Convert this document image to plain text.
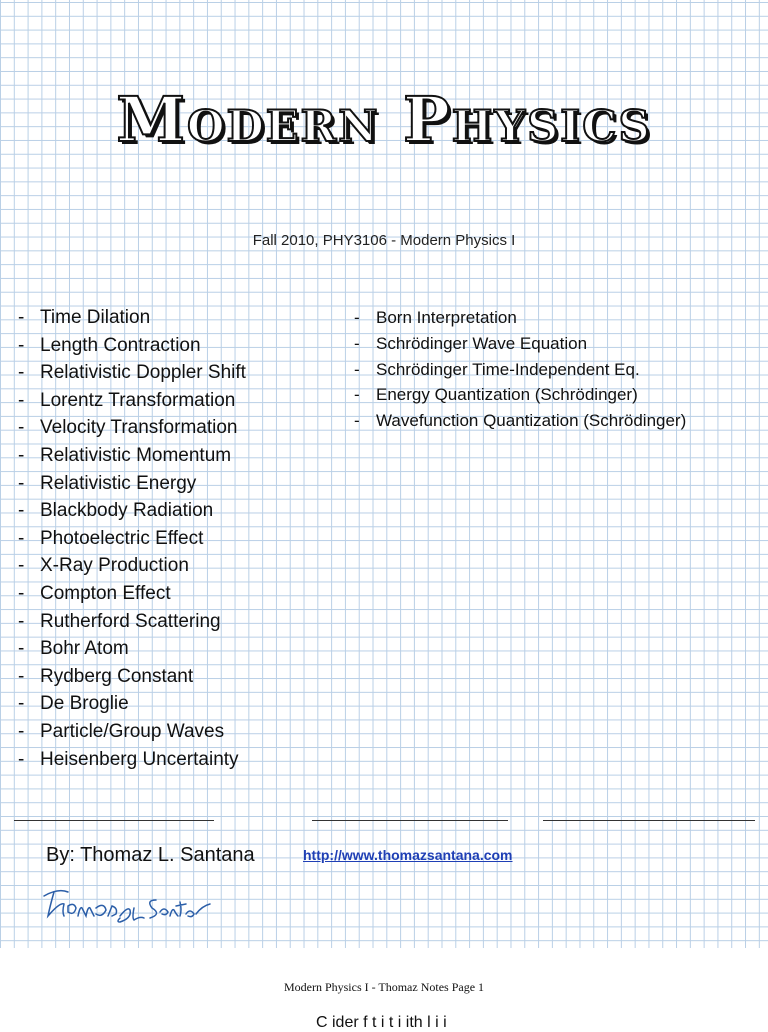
Modern Physics

Fall 2010, PHY3106 - Modern Physics I

- Time Dilation
- Length Contraction
- Relativistic Doppler Shift
- Lorentz Transformation
- Velocity Transformation
- Relativistic Momentum
- Relativistic Energy
- Blackbody Radiation
- Photoelectric Effect
- X-Ray Production
- Compton Effect
- Rutherford Scattering
- Bohr Atom
- Rydberg Constant
- De Broglie
- Particle/Group Waves
- Heisenberg Uncertainty
- Born Interpretation
- Schrödinger Wave Equation
- Schrödinger Time-Independent Eq.
- Energy Quantization (Schrödinger)
- Wavefunction Quantization (Schrödinger)

By: Thomaz L. Santana	http://www.thomazsantana.com
Modern Physics I - Thomaz Notes Page 1
C ider f t i t i ith l i i
